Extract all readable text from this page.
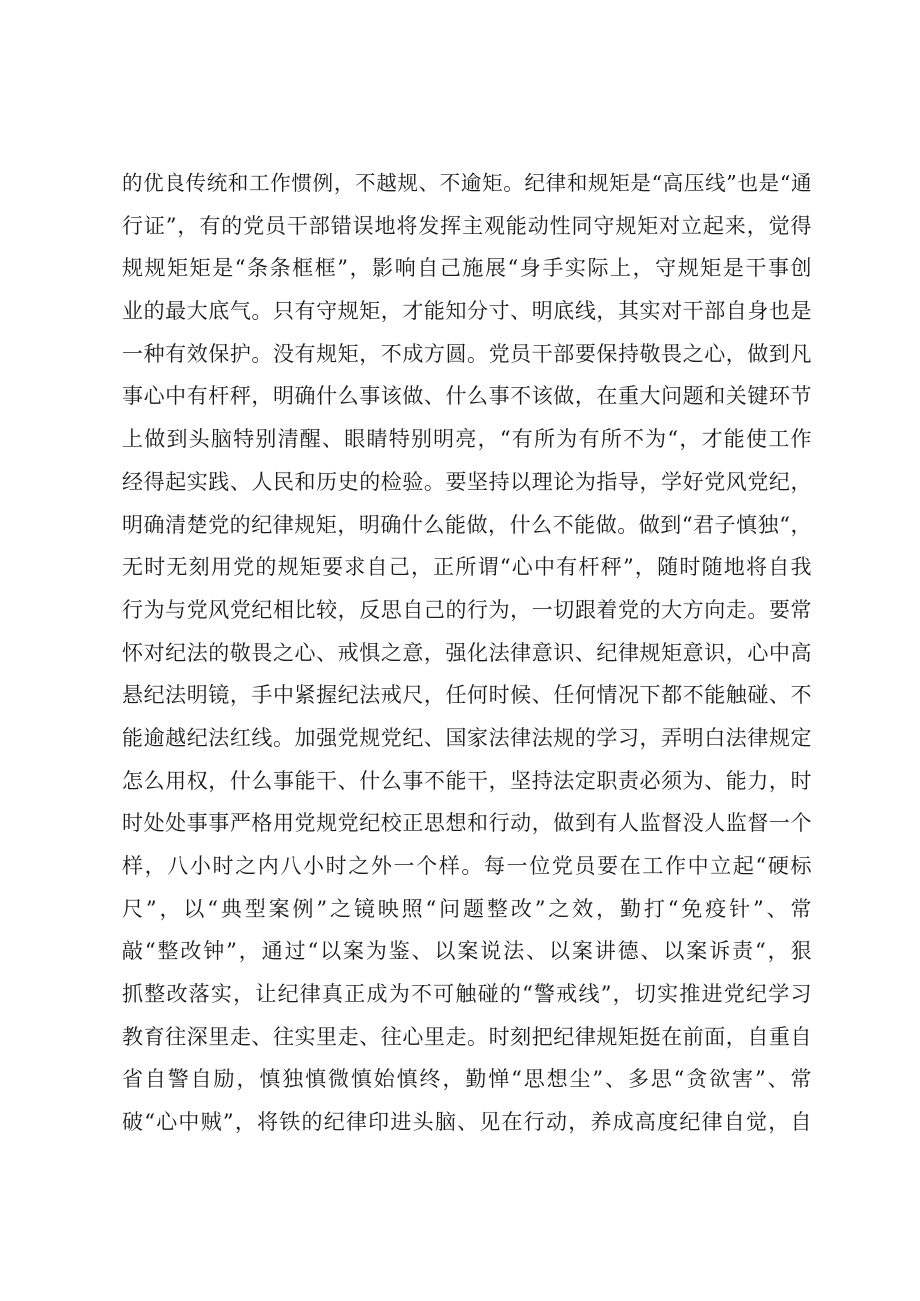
的优良传统和工作惯例，不越规、不逾矩。纪律和规矩是“高压线”也是“通
行证”，有的党员干部错误地将发挥主观能动性同守规矩对立起来，觉得
规规矩矩是“条条框框”，影响自己施展“身手实际上，守规矩是干事创
业的最大底气。只有守规矩，才能知分寸、明底线，其实对干部自身也是
一种有效保护。没有规矩，不成方圆。党员干部要保持敬畏之心，做到凡
事心中有杆秤，明确什么事该做、什么事不该做，在重大问题和关键环节
上做到头脑特别清醒、眼睛特别明亮，“有所为有所不为“，才能使工作
经得起实践、人民和历史的检验。要坚持以理论为指导，学好党风党纪，
明确清楚党的纪律规矩，明确什么能做，什么不能做。做到“君子慎独“，
无时无刻用党的规矩要求自己，正所谓“心中有杆秤”，随时随地将自我
行为与党风党纪相比较，反思自己的行为，一切跟着党的大方向走。要常
怀对纪法的敬畏之心、戒惧之意，强化法律意识、纪律规矩意识，心中高
悬纪法明镜，手中紧握纪法戒尺，任何时候、任何情况下都不能触碰、不
能逾越纪法红线。加强党规党纪、国家法律法规的学习，弄明白法律规定
怎么用权，什么事能干、什么事不能干，坚持法定职责必须为、能力，时
时处处事事严格用党规党纪校正思想和行动，做到有人监督没人监督一个
样，八小时之内八小时之外一个样。每一位党员要在工作中立起“硬标
尺”，以“典型案例”之镜映照“问题整改”之效，勤打“免疫针”、常
敲“整改钟”，通过“以案为鉴、以案说法、以案讲德、以案诉责“，狠
抓整改落实，让纪律真正成为不可触碰的“警戒线”，切实推进党纪学习
教育往深里走、往实里走、往心里走。时刻把纪律规矩挺在前面，自重自
省自警自励，慎独慎微慎始慎终，勤惮“思想尘”、多思“贪欲害”、常
破“心中贼”，将铁的纪律印进头脑、见在行动，养成高度纪律自觉，自
